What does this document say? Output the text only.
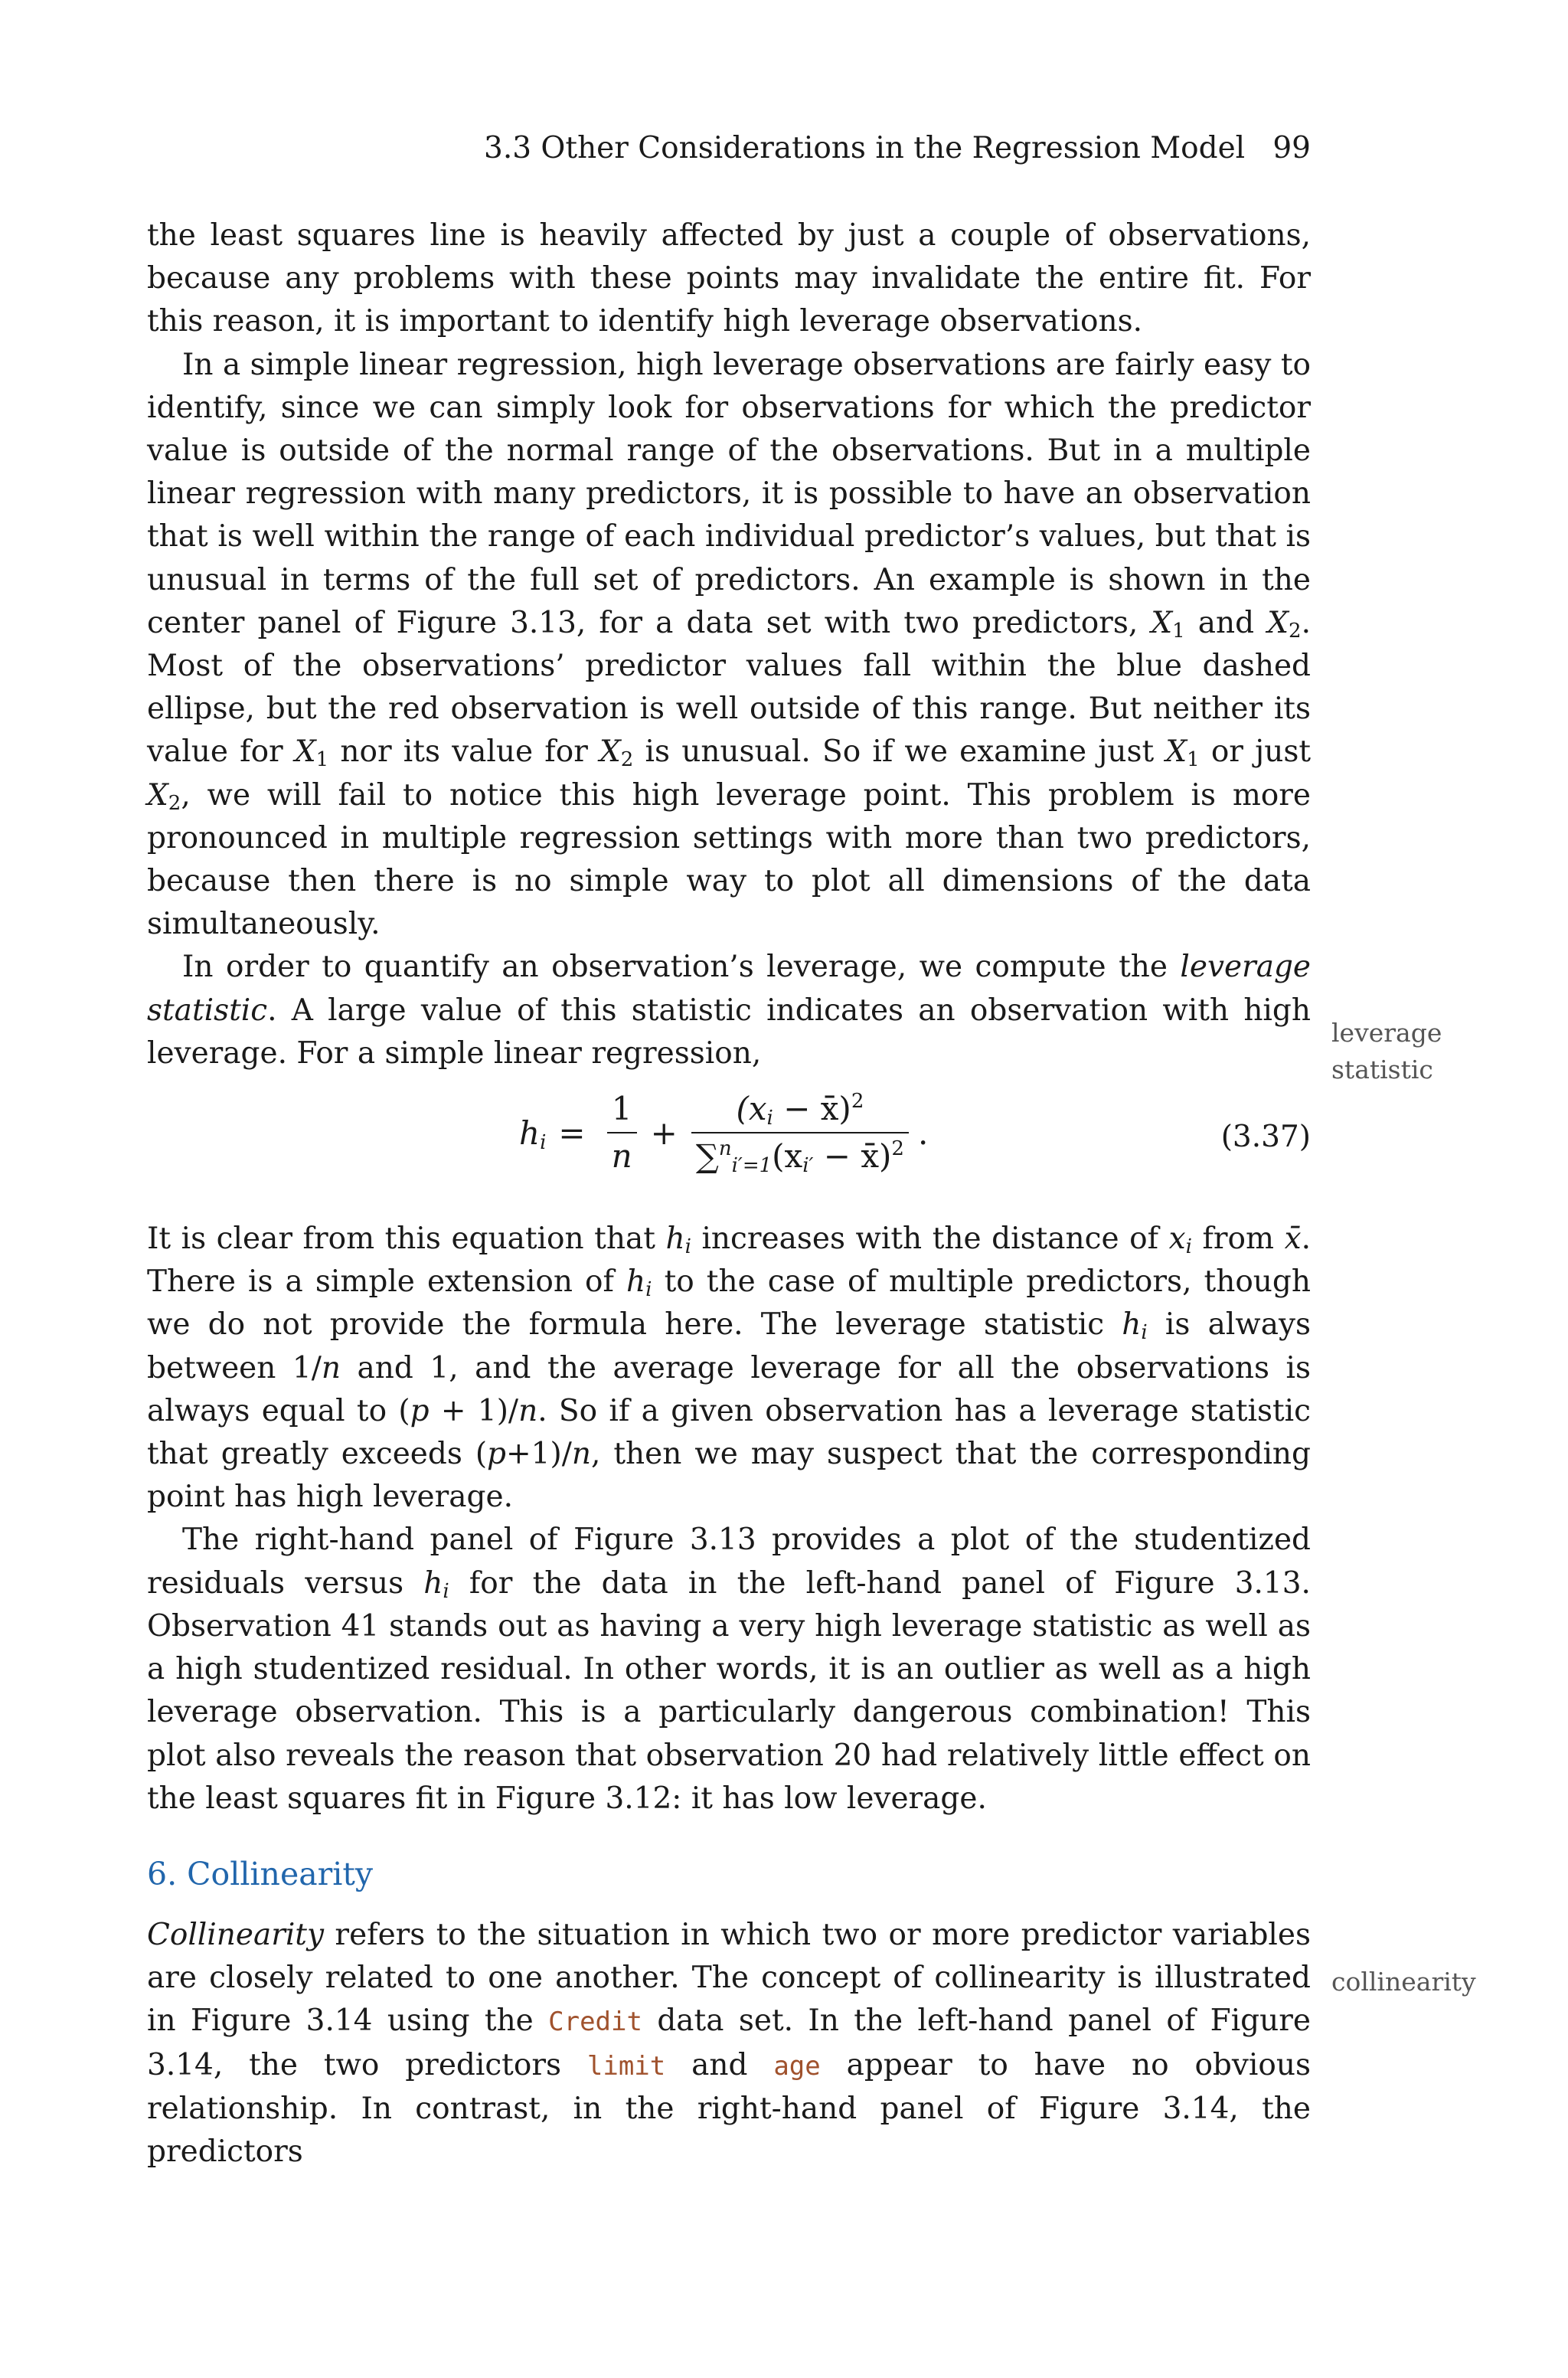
3.3 Other Considerations in the Regression Model 99
leverage
statistic
collinearity

the least squares line is heavily affected by just a couple of observations, because any problems with these points may invalidate the entire fit. For this reason, it is important to identify high leverage observations.

In a simple linear regression, high leverage observations are fairly easy to identify, since we can simply look for observations for which the predictor value is outside of the normal range of the observations. But in a multiple linear regression with many predictors, it is possible to have an observation that is well within the range of each individual predictor’s values, but that is unusual in terms of the full set of predictors. An example is shown in the center panel of Figure 3.13, for a data set with two predictors, $X_1$ and $X_2$. Most of the observations’ predictor values fall within the blue dashed ellipse, but the red observation is well outside of this range. But neither its value for $X_1$ nor its value for $X_2$ is unusual. So if we examine just $X_1$ or just $X_2$, we will fail to notice this high leverage point. This problem is more pronounced in multiple regression settings with more than two predictors, because then there is no simple way to plot all dimensions of the data simultaneously.

In order to quantify an observation’s leverage, we compute the leverage statistic. A large value of this statistic indicates an observation with high leverage. For a simple linear regression,

$h_i = \frac{1}{n} + \frac{(x_i - x̄)^2}{\sum^n_{i'=1}(x_{i'} - x̄)^2}$ .	(3.37)

It is clear from this equation that $h_i$ increases with the distance of $x_i$ from x̄. There is a simple extension of $h_i$ to the case of multiple predictors, though we do not provide the formula here. The leverage statistic $h_i$ is always between 1/n and 1, and the average leverage for all the observations is always equal to (p + 1)/n. So if a given observation has a leverage statistic that greatly exceeds (p+1)/n, then we may suspect that the corresponding point has high leverage.

The right-hand panel of Figure 3.13 provides a plot of the studentized residuals versus $h_i$ for the data in the left-hand panel of Figure 3.13. Observation 41 stands out as having a very high leverage statistic as well as a high studentized residual. In other words, it is an outlier as well as a high leverage observation. This is a particularly dangerous combination! This plot also reveals the reason that observation 20 had relatively little effect on the least squares fit in Figure 3.12: it has low leverage.

6. Collinearity

Collinearity refers to the situation in which two or more predictor variables are closely related to one another. The concept of collinearity is illustrated in Figure 3.14 using the Credit data set. In the left-hand panel of Figure 3.14, the two predictors limit and age appear to have no obvious relationship. In contrast, in the right-hand panel of Figure 3.14, the predictors
